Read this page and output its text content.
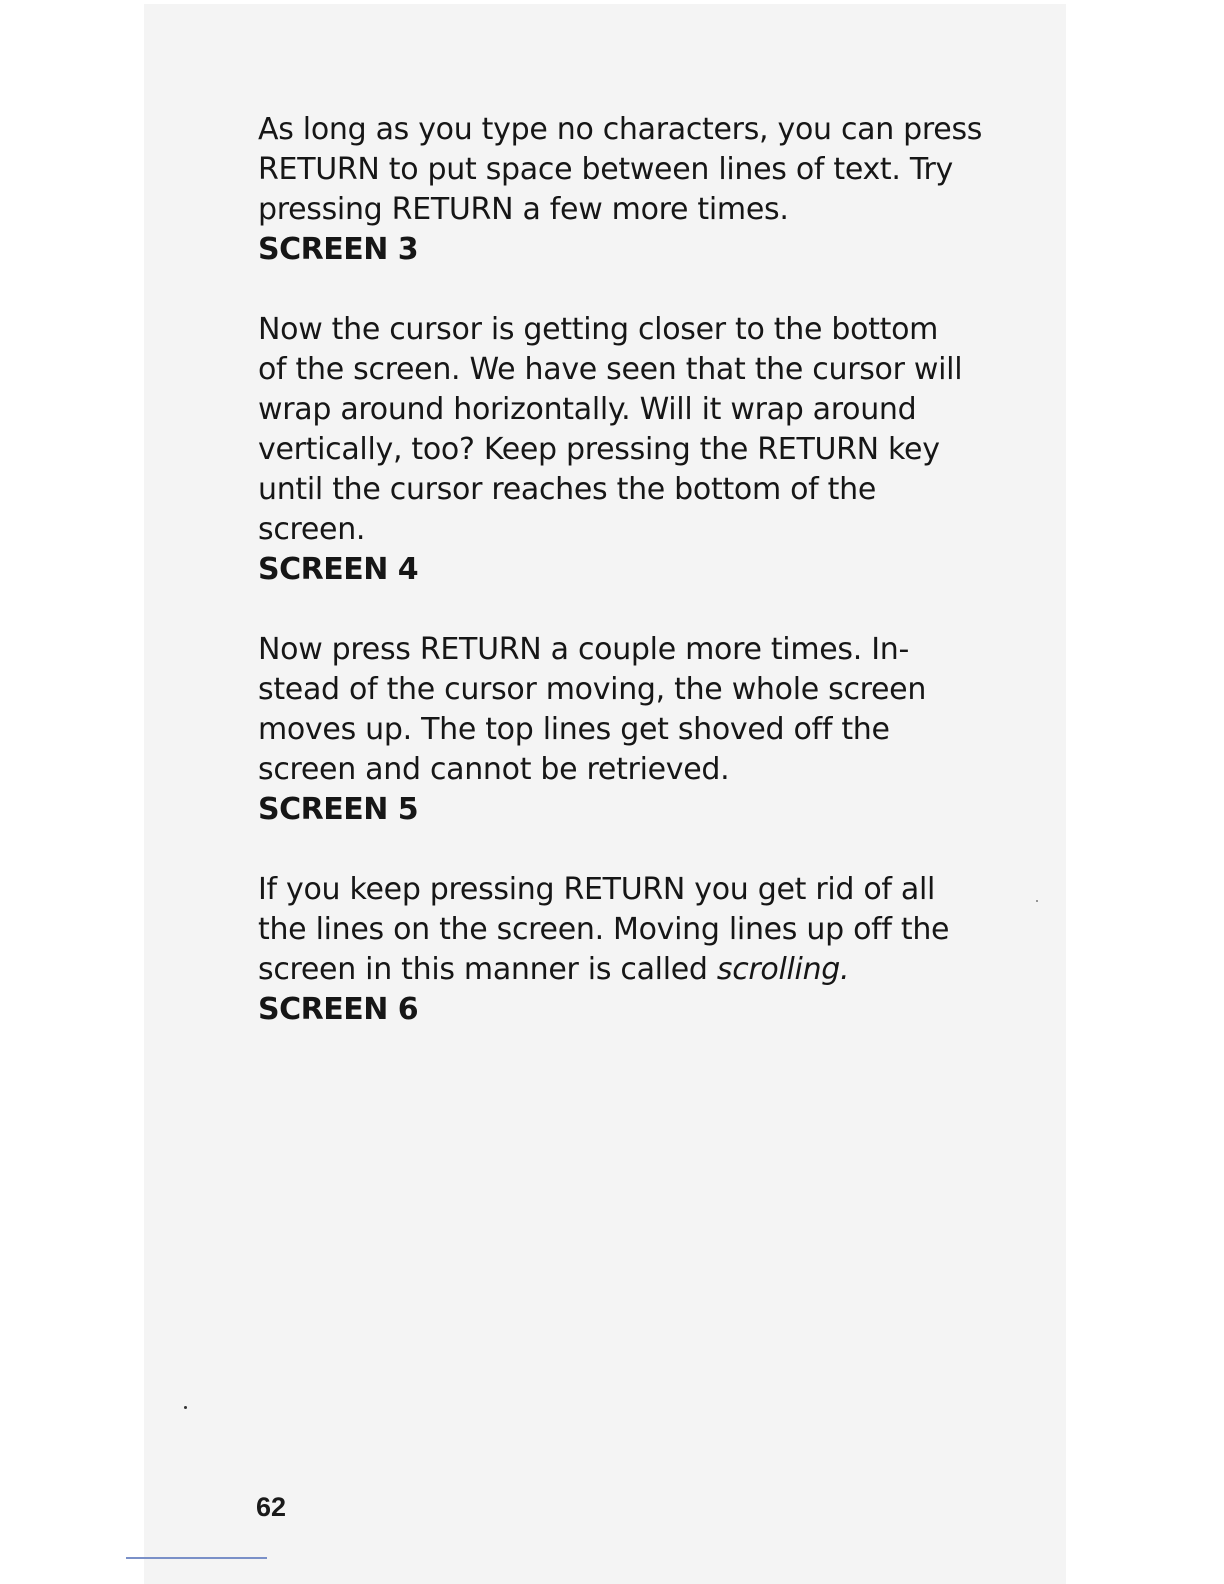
As long as you type no characters, you can press
RETURN to put space between lines of text. Try
pressing RETURN a few more times.
SCREEN 3
Now the cursor is getting closer to the bottom
of the screen. We have seen that the cursor will
wrap around horizontally. Will it wrap around
vertically, too? Keep pressing the RETURN key
until the cursor reaches the bottom of the
screen.
SCREEN 4
Now press RETURN a couple more times. In-
stead of the cursor moving, the whole screen
moves up. The top lines get shoved off the
screen and cannot be retrieved.
SCREEN 5
If you keep pressing RETURN you get rid of all
the lines on the screen. Moving lines up off the
screen in this manner is called scrolling.
SCREEN 6
62
